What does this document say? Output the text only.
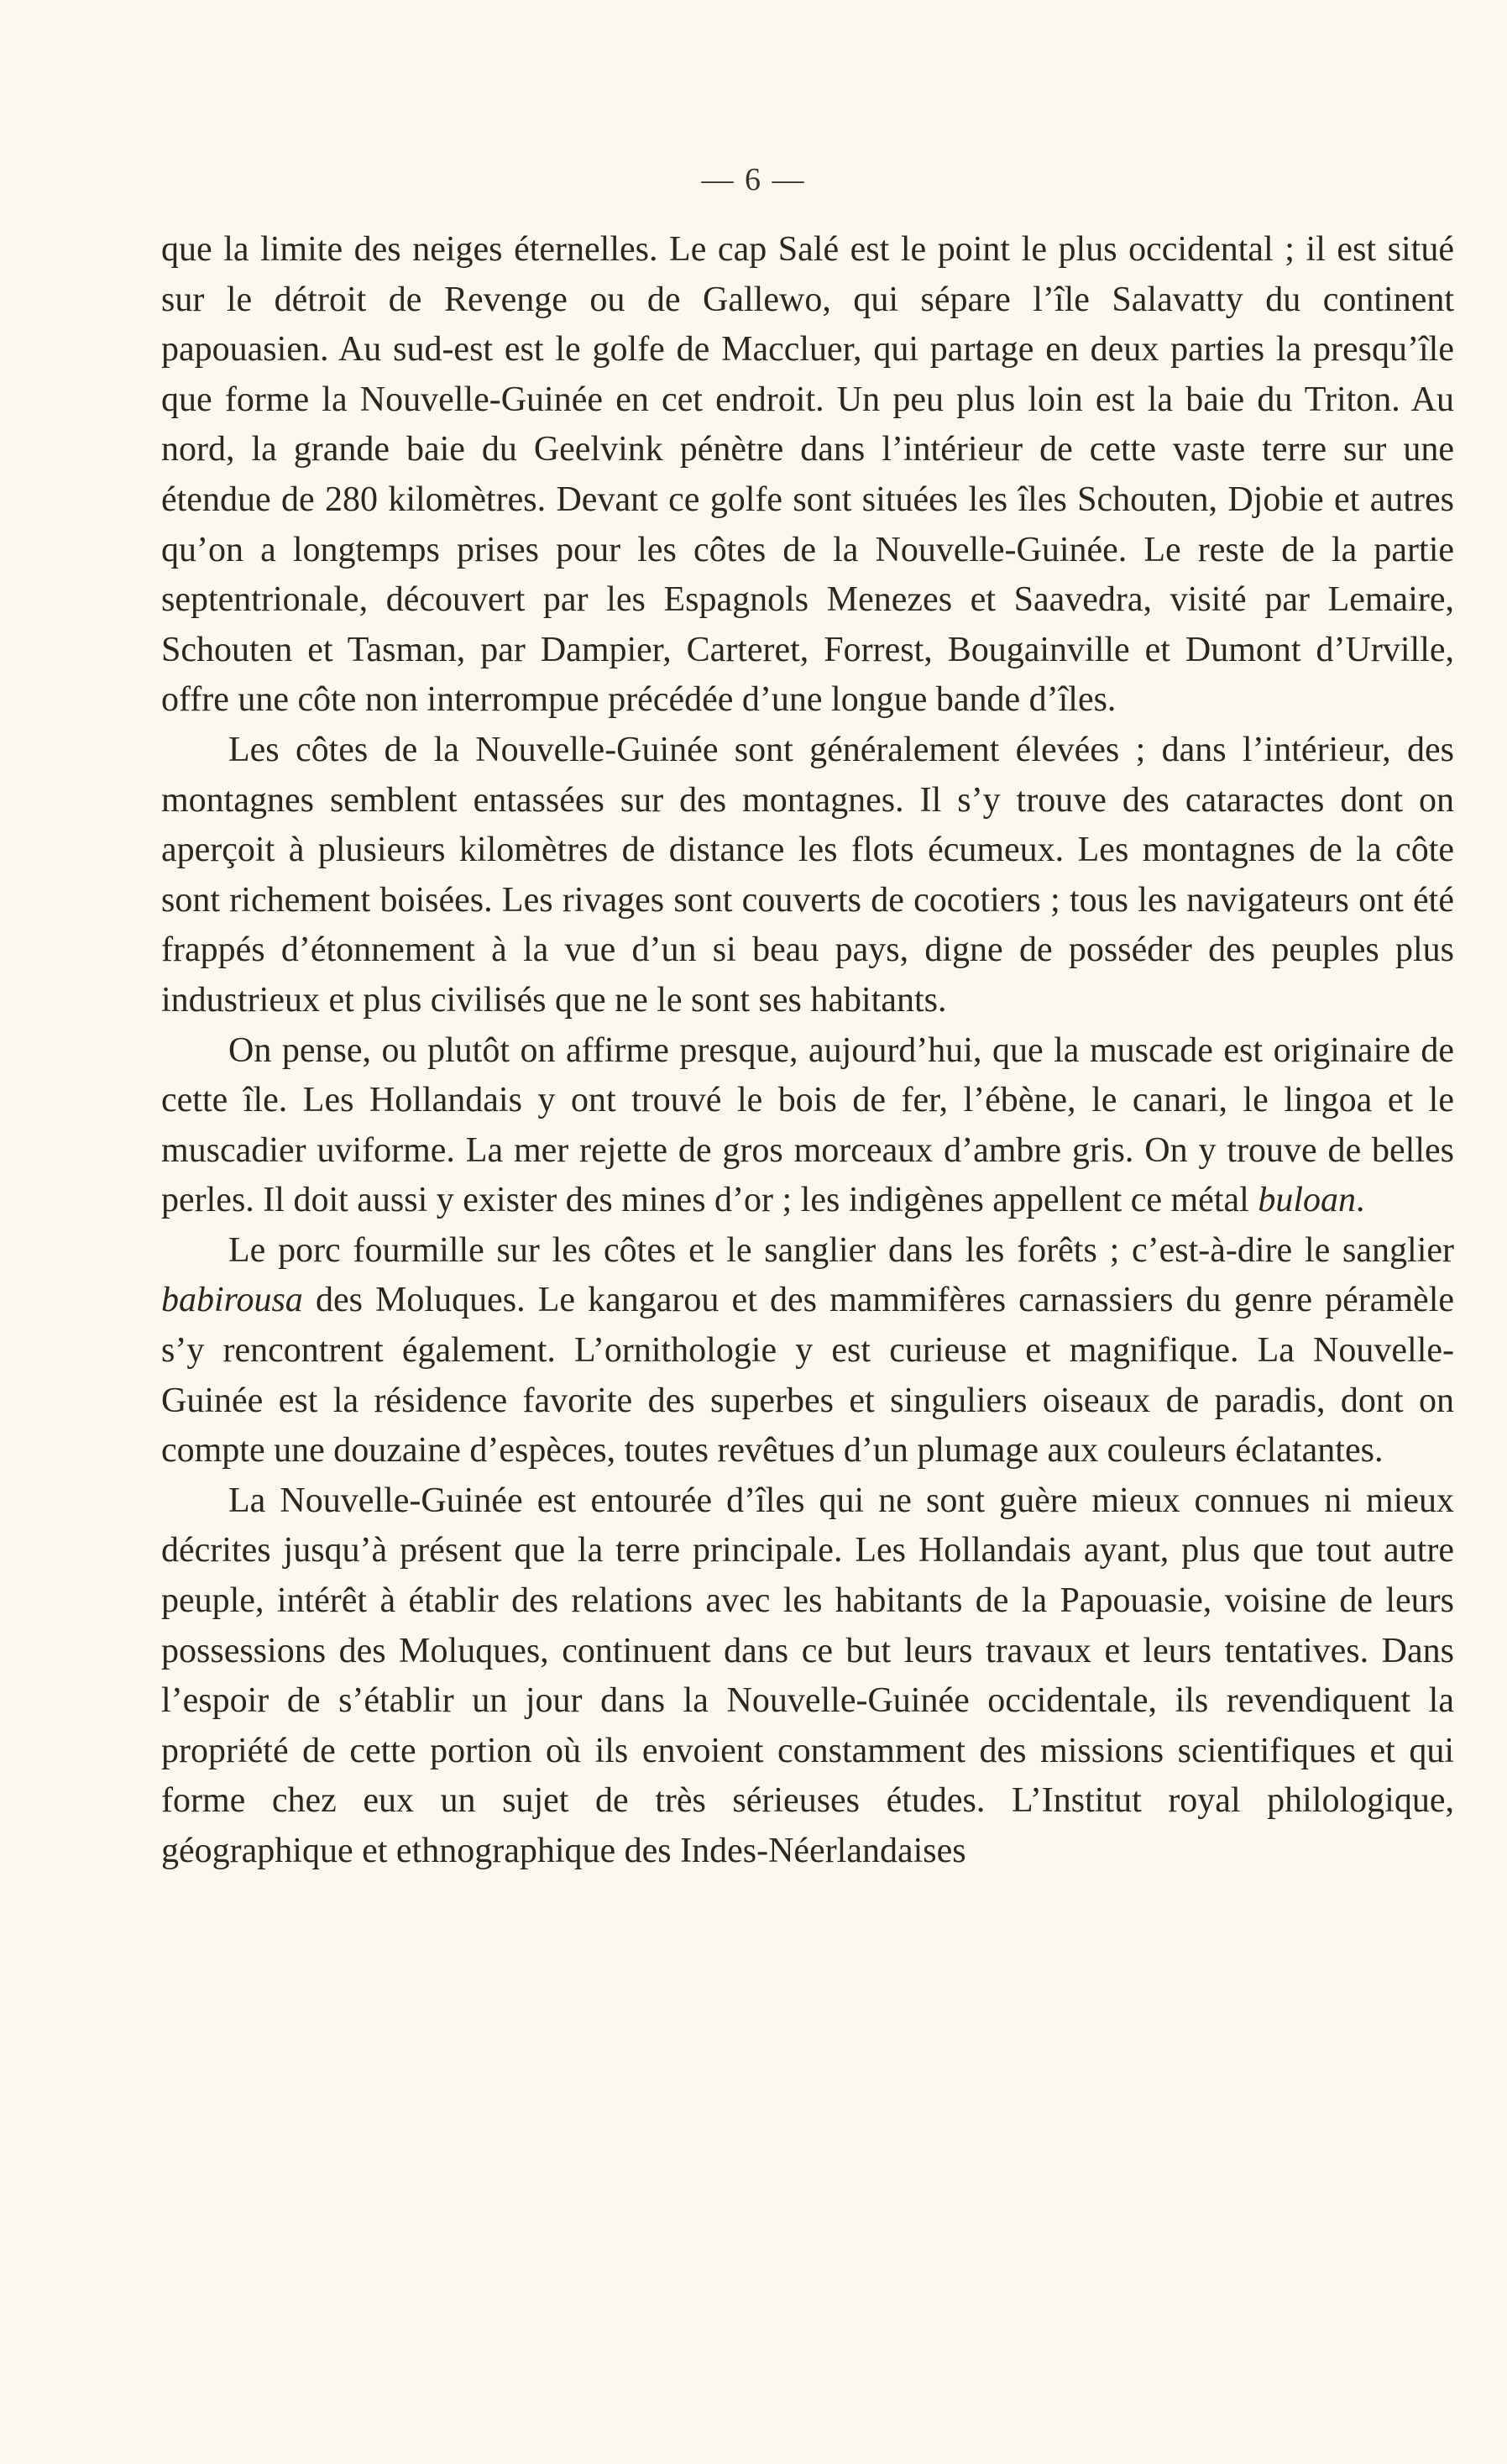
— 6 —

que la limite des neiges éternelles. Le cap Salé est le point le plus occidental ; il est situé sur le détroit de Revenge ou de Gallewo, qui sépare l’île Salavatty du continent papouasien. Au sud-est est le golfe de Maccluer, qui partage en deux parties la presqu’île que forme la Nouvelle-Guinée en cet endroit. Un peu plus loin est la baie du Triton. Au nord, la grande baie du Geelvink pénètre dans l’intérieur de cette vaste terre sur une étendue de 280 kilomètres. Devant ce golfe sont situées les îles Schouten, Djobie et autres qu’on a longtemps prises pour les côtes de la Nouvelle-Guinée. Le reste de la partie septentrionale, découvert par les Espagnols Menezes et Saavedra, visité par Lemaire, Schouten et Tasman, par Dampier, Carteret, Forrest, Bougainville et Dumont d’Urville, offre une côte non interrompue précédée d’une longue bande d’îles.

Les côtes de la Nouvelle-Guinée sont généralement élevées ; dans l’intérieur, des montagnes semblent entassées sur des montagnes. Il s’y trouve des cataractes dont on aperçoit à plusieurs kilomètres de distance les flots écumeux. Les montagnes de la côte sont richement boisées. Les rivages sont couverts de cocotiers ; tous les navigateurs ont été frappés d’étonnement à la vue d’un si beau pays, digne de posséder des peuples plus industrieux et plus civilisés que ne le sont ses habitants.

On pense, ou plutôt on affirme presque, aujourd’hui, que la muscade est originaire de cette île. Les Hollandais y ont trouvé le bois de fer, l’ébène, le canari, le lingoa et le muscadier uviforme. La mer rejette de gros morceaux d’ambre gris. On y trouve de belles perles. Il doit aussi y exister des mines d’or ; les indigènes appellent ce métal buloan.

Le porc fourmille sur les côtes et le sanglier dans les forêts ; c’est-à-dire le sanglier babirousa des Moluques. Le kangarou et des mammifères carnassiers du genre péramèle s’y rencontrent également. L’ornithologie y est curieuse et magnifique. La Nouvelle-Guinée est la résidence favorite des superbes et singuliers oiseaux de paradis, dont on compte une douzaine d’espèces, toutes revêtues d’un plumage aux couleurs éclatantes.

La Nouvelle-Guinée est entourée d’îles qui ne sont guère mieux connues ni mieux décrites jusqu’à présent que la terre principale. Les Hollandais ayant, plus que tout autre peuple, intérêt à établir des relations avec les habitants de la Papouasie, voisine de leurs possessions des Moluques, continuent dans ce but leurs travaux et leurs tentatives. Dans l’espoir de s’établir un jour dans la Nouvelle-Guinée occidentale, ils revendiquent la propriété de cette portion où ils envoient constamment des missions scientifiques et qui forme chez eux un sujet de très sérieuses études. L’Institut royal philologique, géographique et ethnographique des Indes-Néerlandaises
